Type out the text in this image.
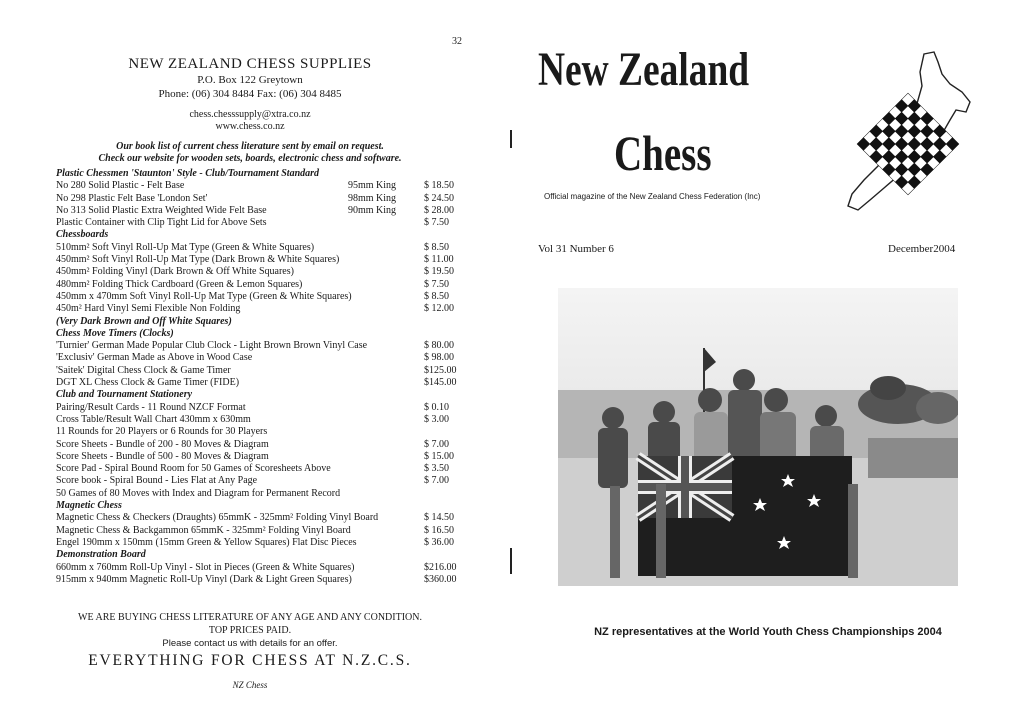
32
NEW ZEALAND CHESS SUPPLIES
P.O. Box 122 Greytown
Phone: (06) 304 8484 Fax: (06) 304 8485
chess.chesssupply@xtra.co.nz
www.chess.co.nz
Our book list of current chess literature sent by email on request.
Check our website for wooden sets, boards, electronic chess and software.
Plastic Chessmen 'Staunton' Style - Club/Tournament Standard
No 280 Solid Plastic - Felt Base	95mm King	$ 18.50
No 298 Plastic Felt Base 'London Set'	98mm King	$ 24.50
No 313 Solid Plastic Extra Weighted Wide Felt Base	90mm King	$ 28.00
Plastic Container with Clip Tight Lid for Above Sets	$ 7.50
Chessboards
510mm² Soft Vinyl Roll-Up Mat Type (Green & White Squares)	$ 8.50
450mm² Soft Vinyl Roll-Up Mat Type (Dark Brown & White Squares)	$ 11.00
450mm² Folding Vinyl (Dark Brown & Off White Squares)	$ 19.50
480mm² Folding Thick Cardboard (Green & Lemon Squares)	$ 7.50
450mm x 470mm Soft Vinyl Roll-Up Mat Type (Green & White Squares)	$ 8.50
450m² Hard Vinyl Semi Flexible Non Folding	$ 12.00
(Very Dark Brown and Off White Squares)
Chess Move Timers (Clocks)
'Turnier' German Made Popular Club Clock - Light Brown Brown Vinyl Case	$ 80.00
'Exclusiv' German Made as Above in Wood Case	$ 98.00
'Saitek' Digital Chess Clock & Game Timer	$125.00
DGT XL Chess Clock & Game Timer (FIDE)	$145.00
Club and Tournament Stationery
Pairing/Result Cards - 11 Round NZCF Format	$ 0.10
Cross Table/Result Wall Chart 430mm x 630mm	$ 3.00
11 Rounds for 20 Players or 6 Rounds for 30 Players
Score Sheets - Bundle of 200 - 80 Moves & Diagram	$ 7.00
Score Sheets - Bundle of 500 - 80 Moves & Diagram	$ 15.00
Score Pad - Spiral Bound Room for 50 Games of Scoresheets Above	$ 3.50
Score book - Spiral Bound - Lies Flat at Any Page	$ 7.00
50 Games of 80 Moves with Index and Diagram for Permanent Record
Magnetic Chess
Magnetic Chess & Checkers (Draughts) 65mmK - 325mm² Folding Vinyl Board	$ 14.50
Magnetic Chess & Backgammon 65mmK - 325mm² Folding Vinyl Board	$ 16.50
Engel 190mm x 150mm (15mm Green & Yellow Squares) Flat Disc Pieces	$ 36.00
Demonstration Board
660mm x 760mm Roll-Up Vinyl - Slot in Pieces (Green & White Squares)	$216.00
915mm x 940mm Magnetic Roll-Up Vinyl (Dark & Light Green Squares)	$360.00
WE ARE BUYING CHESS LITERATURE OF ANY AGE AND ANY CONDITION.
TOP PRICES PAID.
Please contact us with details for an offer.
EVERYTHING FOR CHESS AT N.Z.C.S.
NZ Chess
New Zealand
Chess
Official magazine of the New Zealand Chess Federation (Inc)
Vol 31 Number 6	December2004
NZ representatives at the World Youth Chess Championships 2004
